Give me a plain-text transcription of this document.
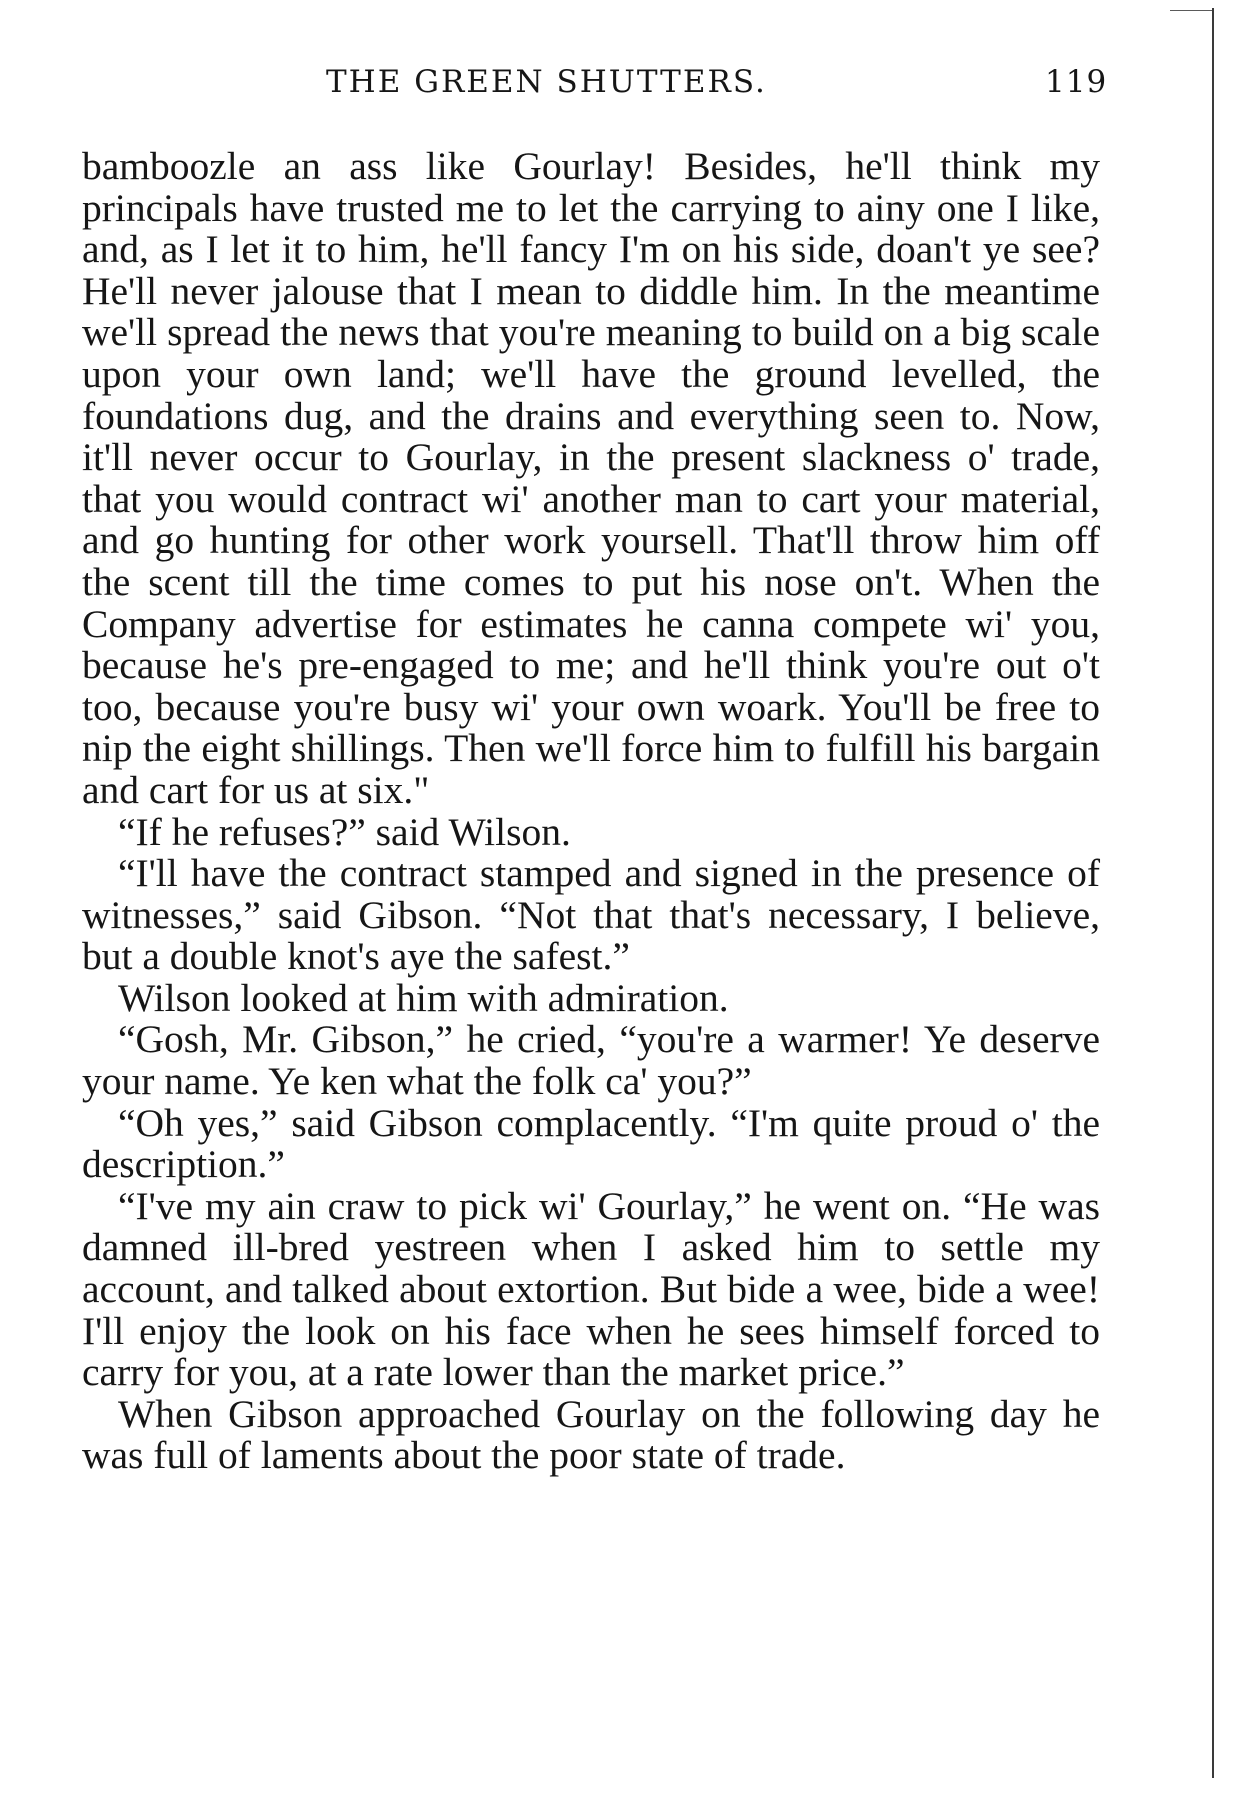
THE GREEN SHUTTERS.	119

bamboozle an ass like Gourlay! Besides, he'll think my principals have trusted me to let the carrying to ainy one I like, and, as I let it to him, he'll fancy I'm on his side, doan't ye see? He'll never jalouse that I mean to diddle him. In the meantime we'll spread the news that you're meaning to build on a big scale upon your own land; we'll have the ground levelled, the foundations dug, and the drains and everything seen to. Now, it'll never occur to Gourlay, in the present slackness o' trade, that you would contract wi' another man to cart your material, and go hunting for other work yoursell. That'll throw him off the scent till the time comes to put his nose on't. When the Company advertise for estimates he canna compete wi' you, because he's pre-engaged to me; and he'll think you're out o't too, because you're busy wi' your own woark. You'll be free to nip the eight shillings. Then we'll force him to fulfill his bargain and cart for us at six."

“If he refuses?” said Wilson.

“I'll have the contract stamped and signed in the presence of witnesses,” said Gibson. “Not that that's necessary, I believe, but a double knot's aye the safest.”

Wilson looked at him with admiration.

“Gosh, Mr. Gibson,” he cried, “you're a warmer! Ye deserve your name. Ye ken what the folk ca' you?”

“Oh yes,” said Gibson complacently. “I'm quite proud o' the description.”

“I've my ain craw to pick wi' Gourlay,” he went on. “He was damned ill-bred yestreen when I asked him to settle my account, and talked about extortion. But bide a wee, bide a wee! I'll enjoy the look on his face when he sees himself forced to carry for you, at a rate lower than the market price.”

When Gibson approached Gourlay on the following day he was full of laments about the poor state of trade.
